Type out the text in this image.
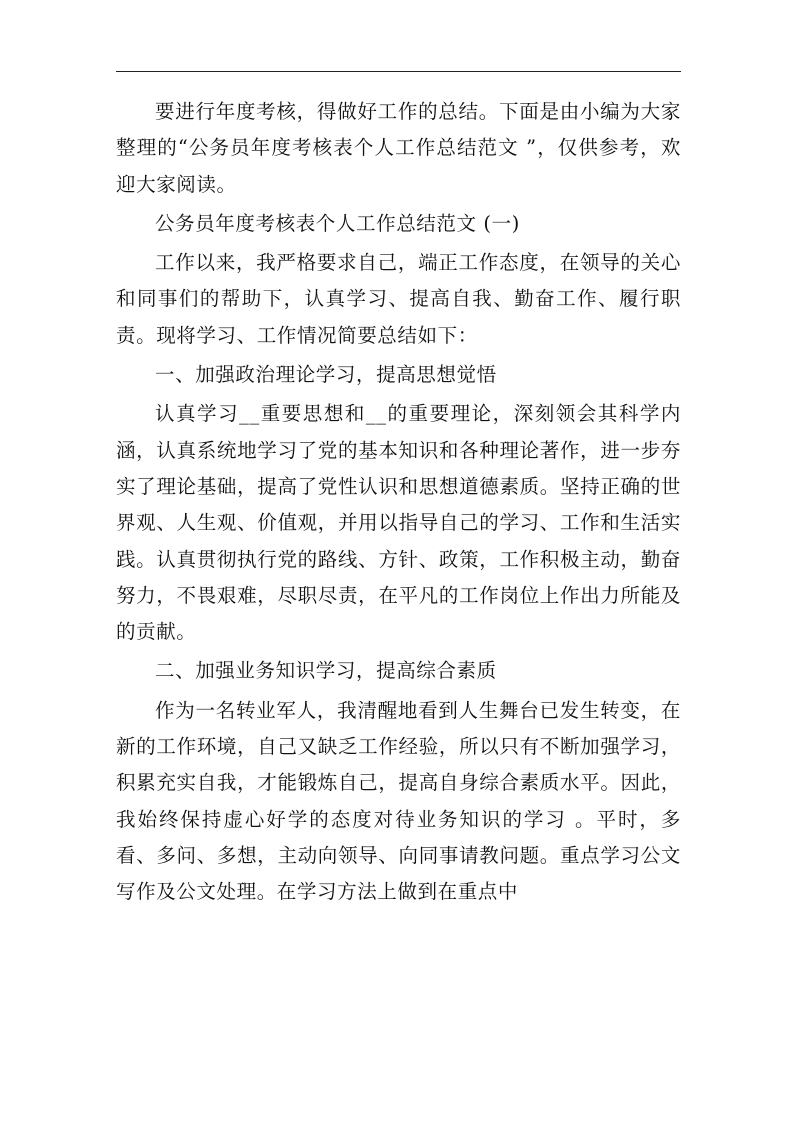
要进行年度考核，得做好工作的总结。下面是由小编为大家整理的“公务员年度考核表个人工作总结范文 ”，仅供参考，欢迎大家阅读。

公务员年度考核表个人工作总结范文 (一)

工作以来，我严格要求自己，端正工作态度，在领导的关心和同事们的帮助下，认真学习、提高自我、勤奋工作、履行职责。现将学习、工作情况简要总结如下：

一、加强政治理论学习，提高思想觉悟

认真学习__重要思想和__的重要理论，深刻领会其科学内涵，认真系统地学习了党的基本知识和各种理论著作，进一步夯实了理论基础，提高了党性认识和思想道德素质。坚持正确的世界观、人生观、价值观，并用以指导自己的学习、工作和生活实践。认真贯彻执行党的路线、方针、政策，工作积极主动，勤奋努力，不畏艰难，尽职尽责，在平凡的工作岗位上作出力所能及的贡献。

二、加强业务知识学习，提高综合素质

作为一名转业军人，我清醒地看到人生舞台已发生转变，在新的工作环境，自己又缺乏工作经验，所以只有不断加强学习，积累充实自我，才能锻炼自己，提高自身综合素质水平。因此，我始终保持虚心好学的态度对待业务知识的学习 。平时，多看、多问、多想，主动向领导、向同事请教问题。重点学习公文写作及公文处理。在学习方法上做到在重点中
